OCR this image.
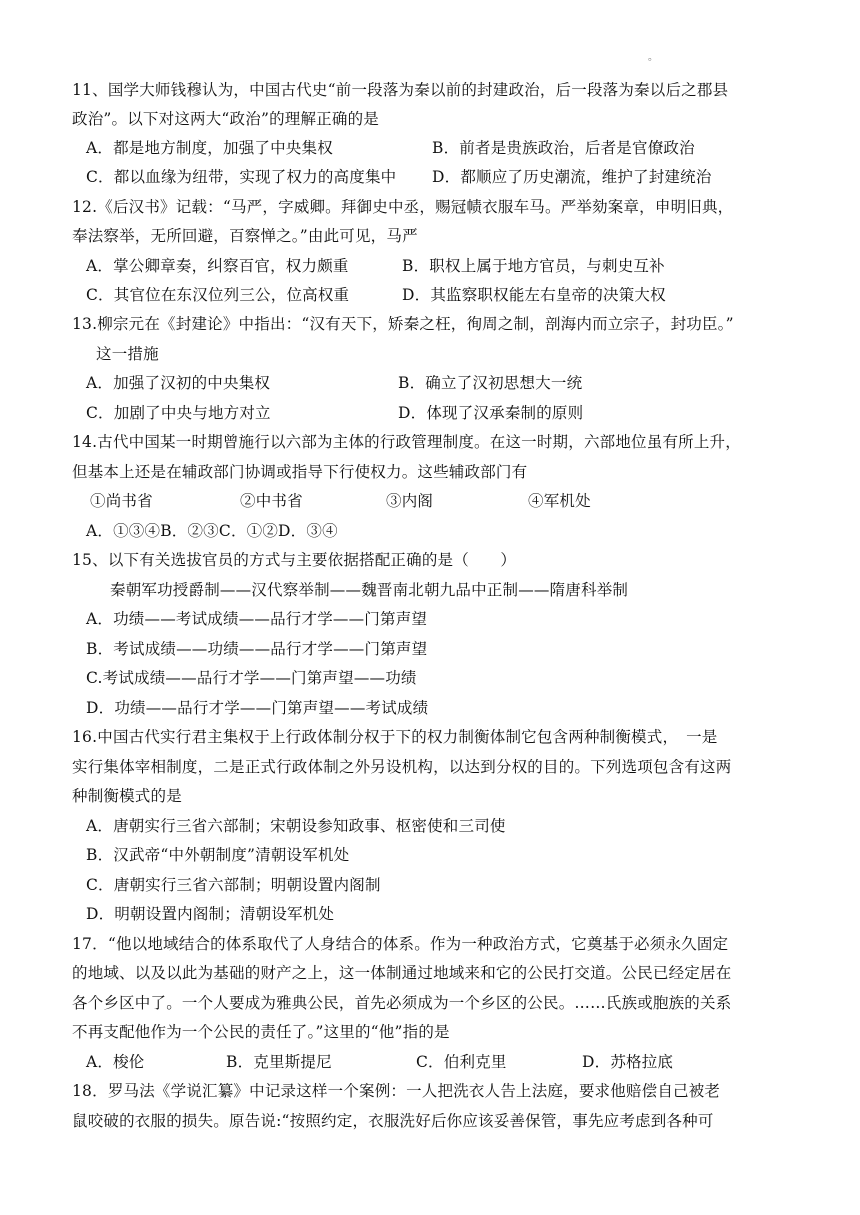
。
11、国学大师钱穆认为，中国古代史“前一段落为秦以前的封建政治，后一段落为秦以后之郡县
政治”。以下对这两大“政治”的理解正确的是
A．都是地方制度，加强了中央集权	B．前者是贵族政治，后者是官僚政治
C．都以血缘为纽带，实现了权力的高度集中 D．都顺应了历史潮流，维护了封建统治
12.《后汉书》记载：“马严，字威卿。拜御史中丞，赐冠帻衣服车马。严举劾案章，申明旧典，
奉法察举，无所回避，百察惮之。”由此可见，马严
A．掌公卿章奏，纠察百官，权力颇重	B．职权上属于地方官员，与刺史互补
C．其官位在东汉位列三公，位高权重	D．其监察职权能左右皇帝的决策大权
13.柳宗元在《封建论》中指出：“汉有天下，矫秦之枉，徇周之制，剖海内而立宗子，封功臣。”
这一措施
A．加强了汉初的中央集权	B．确立了汉初思想大一统
C．加剧了中央与地方对立	D．体现了汉承秦制的原则
14.古代中国某一时期曾施行以六部为主体的行政管理制度。在这一时期，六部地位虽有所上升，
但基本上还是在辅政部门协调或指导下行使权力。这些辅政部门有
①尚书省	②中书省	③内阁	④军机处
A．①③④B．②③C．①②D．③④
15、以下有关选拔官员的方式与主要依据搭配正确的是（　　）
秦朝军功授爵制——汉代察举制——魏晋南北朝九品中正制——隋唐科举制
A．功绩——考试成绩——品行才学——门第声望
B．考试成绩——功绩——品行才学——门第声望
C.考试成绩——品行才学——门第声望——功绩
D．功绩——品行才学——门第声望——考试成绩
16.中国古代实行君主集权于上行政体制分权于下的权力制衡体制它包含两种制衡模式，　一是
实行集体宰相制度，二是正式行政体制之外另设机构，以达到分权的目的。下列选项包含有这两
种制衡模式的是
A．唐朝实行三省六部制；宋朝设参知政事、枢密使和三司使
B．汉武帝“中外朝制度”清朝设军机处
C．唐朝实行三省六部制；明朝设置内阁制
D．明朝设置内阁制；清朝设军机处
17．“他以地域结合的体系取代了人身结合的体系。作为一种政治方式，它奠基于必须永久固定
的地域、以及以此为基础的财产之上，这一体制通过地域来和它的公民打交道。公民已经定居在
各个乡区中了。一个人要成为雅典公民，首先必须成为一个乡区的公民。……氏族或胞族的关系
不再支配他作为一个公民的责任了。”这里的“他”指的是
A．梭伦	B．克里斯提尼	C．伯利克里	D．苏格拉底
18．罗马法《学说汇纂》中记录这样一个案例：一人把洗衣人告上法庭，要求他赔偿自己被老
鼠咬破的衣服的损失。原告说:“按照约定，衣服洗好后你应该妥善保管，事先应考虑到各种可
